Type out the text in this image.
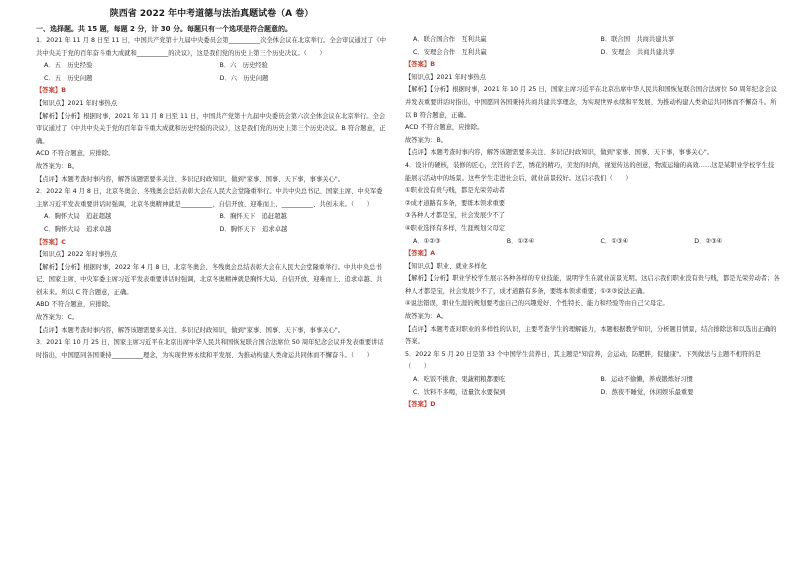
陕西省 2022 年中考道德与法治真题试卷（A 卷）
一、选择题。共 15 题，每题 2 分，计 30 分。每题只有一个选项是符合题意的。
1．2021 年 11 月 8 日至 11 日，中国共产党第十九届中央委员会第__________次全体会议在北京举行。全会审议通过了《中共中央关于党的百年奋斗重大成就和__________的决议》，这是我们党的历史上第三个历史决议。（　　）
A．五　历史经验	B．六　历史经验
C．五　历史问题	D．六　历史问题
【答案】B
【知识点】2021 年时事热点
【解析】【分析】根据时事，2021 年 11 月 8 日至 11 日，中国共产党第十九届中央委员会第六次全体会议在北京举行。全会审议通过了《中共中央关于党的百年奋斗重大成就和历史经验的决议》，这是我们党的历史上第三个历史决议。B 符合题意，正确。
ACD 不符合题意，应排除。
故答案为：B。
【点评】本题考查时事内容，解答该题需要多关注、多识记时政知识，做到"家事、国事、天下事，事事关心"。
2．2022 年 4 月 8 日，北京冬奥会、冬残奥会总结表彰大会在人民大会堂隆重举行。中共中央总书记、国家主席、中央军委主席习近平发表重要讲话时强调，北京冬奥精神就是__________、自信开放、迎难而上、__________、共创未来。（　　）
A．胸怀大局　追赶超越	B．胸怀天下　追赶超越
C．胸怀大局　追求卓越	D．胸怀天下　追求卓越
【答案】C
【知识点】2022 年时事热点
【解析】【分析】根据时事，2022 年 4 月 8 日，北京冬奥会、冬残奥会总结表彰大会在人民大会堂隆重举行。中共中央总书记、国家主席、中央军委主席习近平发表重要讲话时强调，北京冬奥精神就是胸怀大局、自信开放、迎难而上、追求卓越、共创未来。所以 C 符合题意，正确。
ABD 不符合题意，应排除。
故答案为：C。
【点评】本题考查时事内容，解答该题需要多关注、多识记时政知识，做到"家事、国事、天下事，事事关心"。
3．2021 年 10 月 25 日，国家主席习近平在北京出席中华人民共和国恢复联合国合法席位 50 周年纪念会议并发表重要讲话时指出，中国愿同各国秉持__________理念，为实现世界永续和平发展、为推动构建人类命运共同体而不懈奋斗。（　　）
A．联合国合作　互利共赢	B．联合国　共商共建共享
C．安理会合作　互利共赢	D．安理会　共商共建共享
【答案】B
【知识点】2021 年时事热点
【解析】【分析】根据时事，2021 年 10 月 25 日，国家主席习近平在北京出席中华人民共和国恢复联合国合法席位 50 周年纪念会议并发表重要讲话时指出，中国愿同各国秉持共商共建共享理念，为实现世界永续和平发展、为推动构建人类命运共同体而不懈奋斗。所以 B 符合题意，正确。
ACD 不符合题意，应排除。
故答案为：B。
【点评】本题考查时事内容，解答该题需要多关注、多识记时政知识，做到"家事、国事、天下事，事事关心"。
4．设计的硬核，装修的匠心，烹饪的手艺，绣花的精巧，美发的时尚，视觉传达的创意，物流运输的高效……这是某职业学校学生技能展示活动中的场景。这些学生走进社会后，就业前景较好。这启示我们（　　）
①职业没有贵与贱，都是光荣劳动者
②成才道路有多条，要练本领求重要
③各种人才都是宝，社会发展少不了
④职业选择有多样，生涯规划父母定
A．①②③	B．①②④	C．①③④	D．②③④
【答案】A
【知识点】职业、就业多样化
【解析】【分析】职业学校学生展示各种各样的专业技能，说明学生在就业前景光明。这启示我们职业没有贵与贱，都是光荣劳动者；各种人才都是宝，社会发展少不了，成才道路有多条，要练本领求重要；①②③说法正确。
④说法错误，职业生涯的规划要考虑自己的兴趣爱好、个性特长、能力和经验等由自己父母定。
故答案为：A。
【点评】本题考查对职业的多样性的认识，主要考查学生的理解能力，本题根据教学知识，分析题目情景，结合排除法和以选出正确的答案。
5．2022 年 5 月 20 日是第 33 个中国学生营养日，其主题是"知营养，会运动，防肥胖，促健康"。下列做法与主题不相符的是（　　）
A．吃饭不挑食，果蔬粗粮都要吃	B．运动不偷懒，养成锻炼好习惯
C．饮料不多喝，适量饮水要保到	D．熬夜不睡觉，休闲娱乐最重要
【答案】D
